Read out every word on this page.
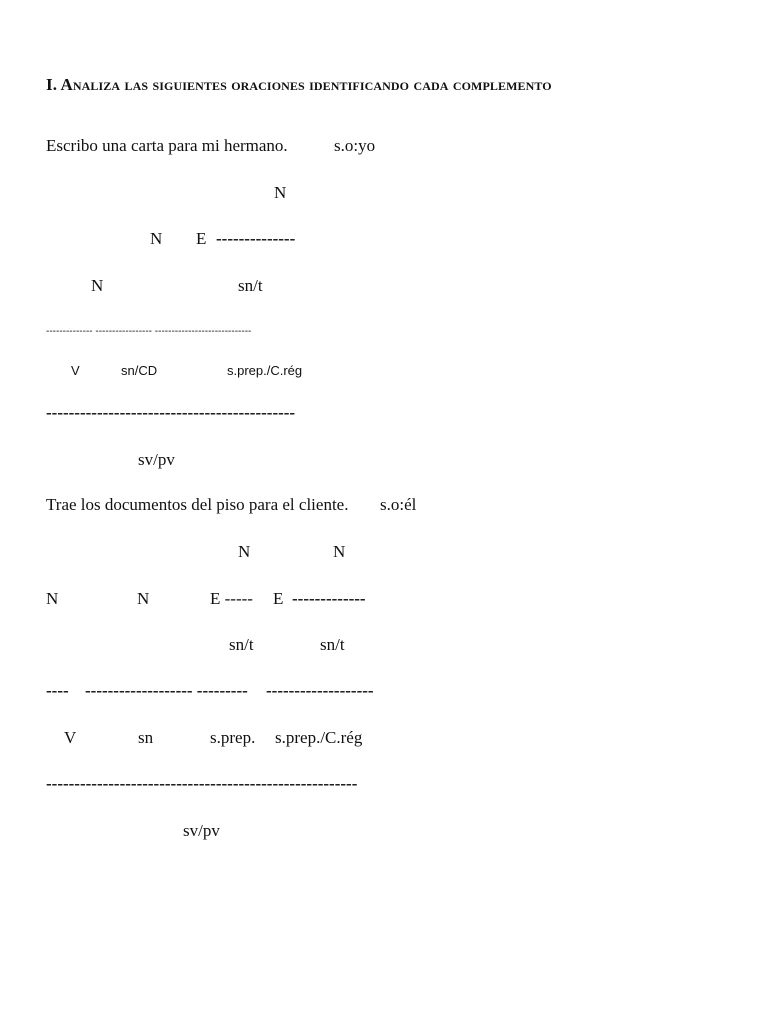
I. Analiza las siguientes oraciones identificando cada complemento
Escribo una carta para mi hermano.	s.o:yo
N
N E --------------
N	sn/t
-------------- ----------------- -----------------------------
V	sn/CD	s.prep./C.rég
--------------------------------------------
sv/pv
Trae los documentos del piso para el cliente. s.o:él
N	N
N	N	E ----- E -------------
sn/t	sn/t
---- ------------------- --------- -------------------
V	sn	s.prep. s.prep./C.rég
-------------------------------------------------------
sv/pv
